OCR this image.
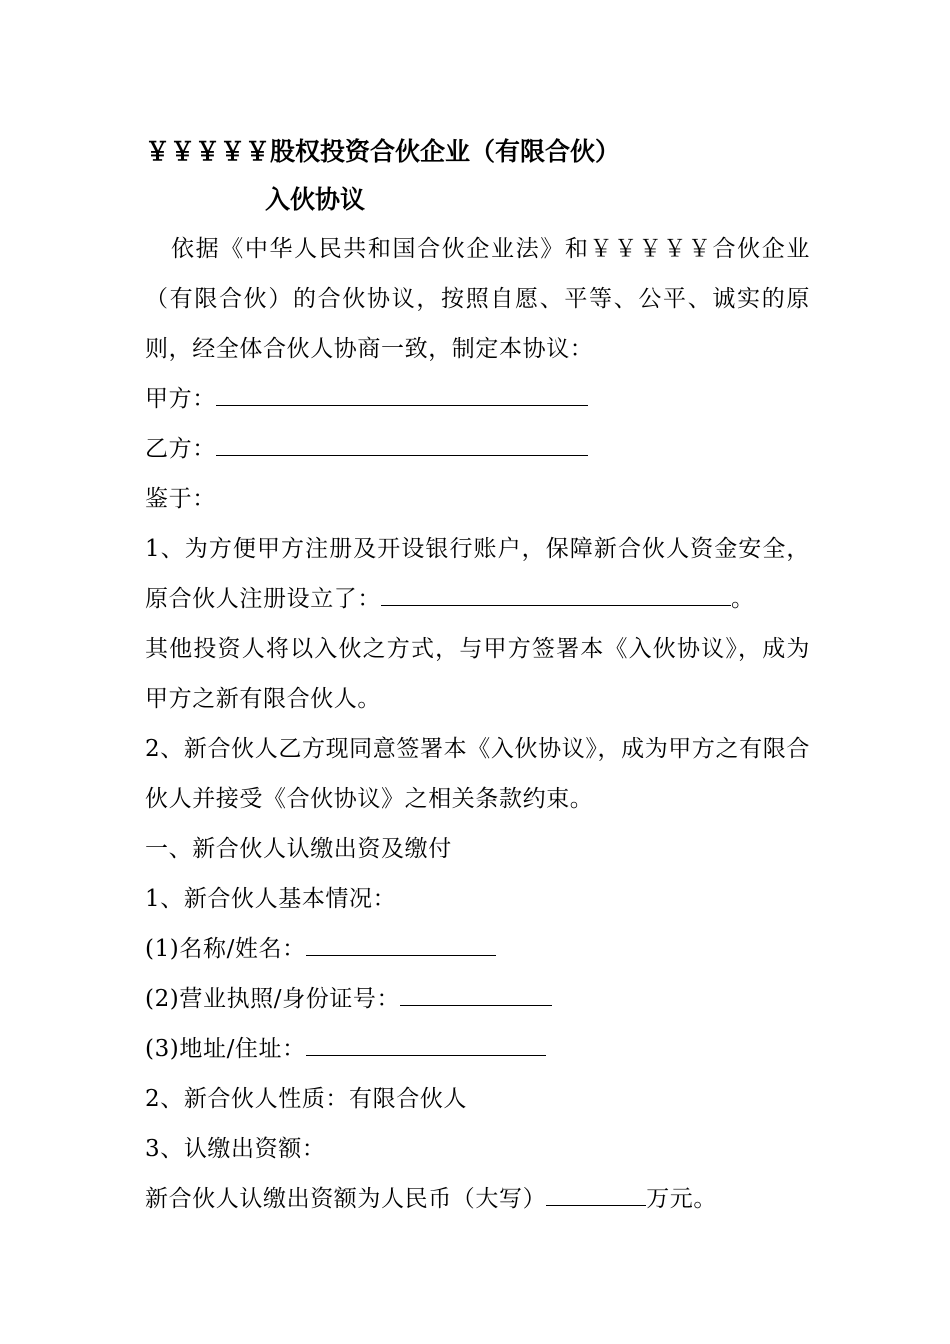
￥￥￥￥￥股权投资合伙企业（有限合伙）
入伙协议

依据《中华人民共和国合伙企业法》和￥￥￥￥￥合伙企业（有限合伙）的合伙协议，按照自愿、平等、公平、诚实的原则，经全体合伙人协商一致，制定本协议：

甲方：
乙方：
鉴于：

1、为方便甲方注册及开设银行账户，保障新合伙人资金安全，原合伙人注册设立了：	。

其他投资人将以入伙之方式，与甲方签署本《入伙协议》，成为甲方之新有限合伙人。

2、新合伙人乙方现同意签署本《入伙协议》，成为甲方之有限合伙人并接受《合伙协议》之相关条款约束。

一、新合伙人认缴出资及缴付
1、新合伙人基本情况：
(1)名称/姓名：
(2)营业执照/身份证号：
(3)地址/住址：
2、新合伙人性质：有限合伙人
3、认缴出资额：
新合伙人认缴出资额为人民币（大写）	万元。
